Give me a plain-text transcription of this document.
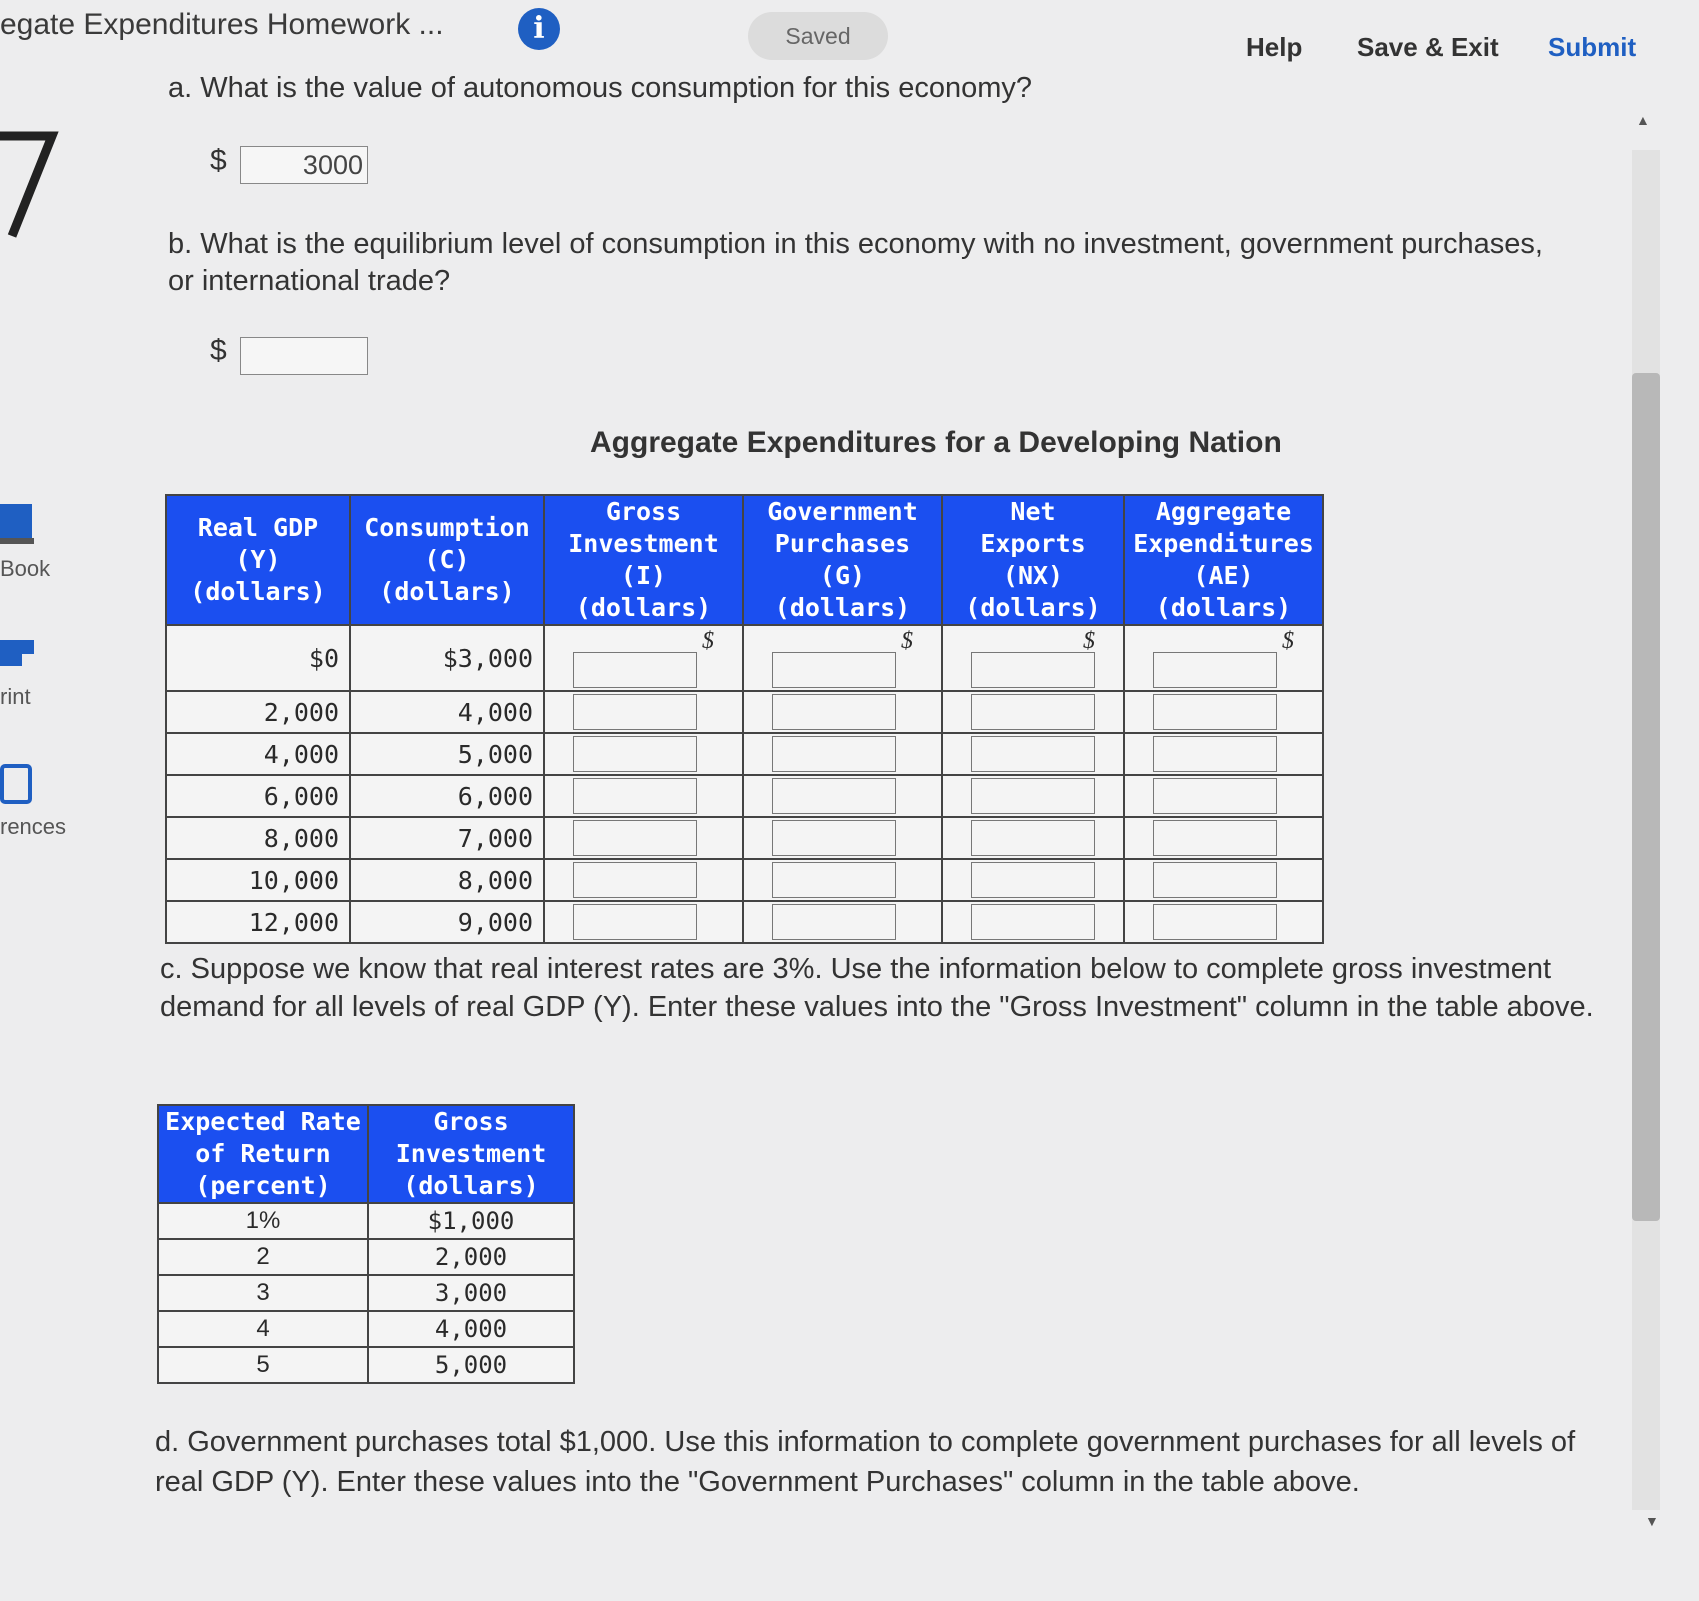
egate Expenditures Homework ...	i	Saved	Help Save & Exit Submit
Book
rint
rences
a. What is the value of autonomous consumption for this economy?
$	3000
b. What is the equilibrium level of consumption in this economy with no investment, government purchases, or international trade?
$
Aggregate Expenditures for a Developing Nation
Real GDP
(Y)
(dollars)	Consumption
(C)
(dollars)	Gross
Investment
(I)
(dollars)	Government
Purchases
(G)
(dollars)	Net
Exports
(NX)
(dollars)	Aggregate
Expenditures
(AE)
(dollars)
$0	$3,000	$	$	$	$

2,000	4,000	

4,000	5,000	

6,000	6,000	

8,000	7,000	

10,000	8,000	

12,000	9,000	

c. Suppose we know that real interest rates are 3%. Use the information below to complete gross investment demand for all levels of real GDP (Y). Enter these values into the "Gross Investment" column in the table above.
Expected Rate
of Return
(percent)	Gross
Investment
(dollars)
1%	$1,000
2	2,000
3	3,000
4	4,000
5	5,000
d. Government purchases total $1,000. Use this information to complete government purchases for all levels of real GDP (Y). Enter these values into the "Government Purchases" column in the table above.
▲
▼
